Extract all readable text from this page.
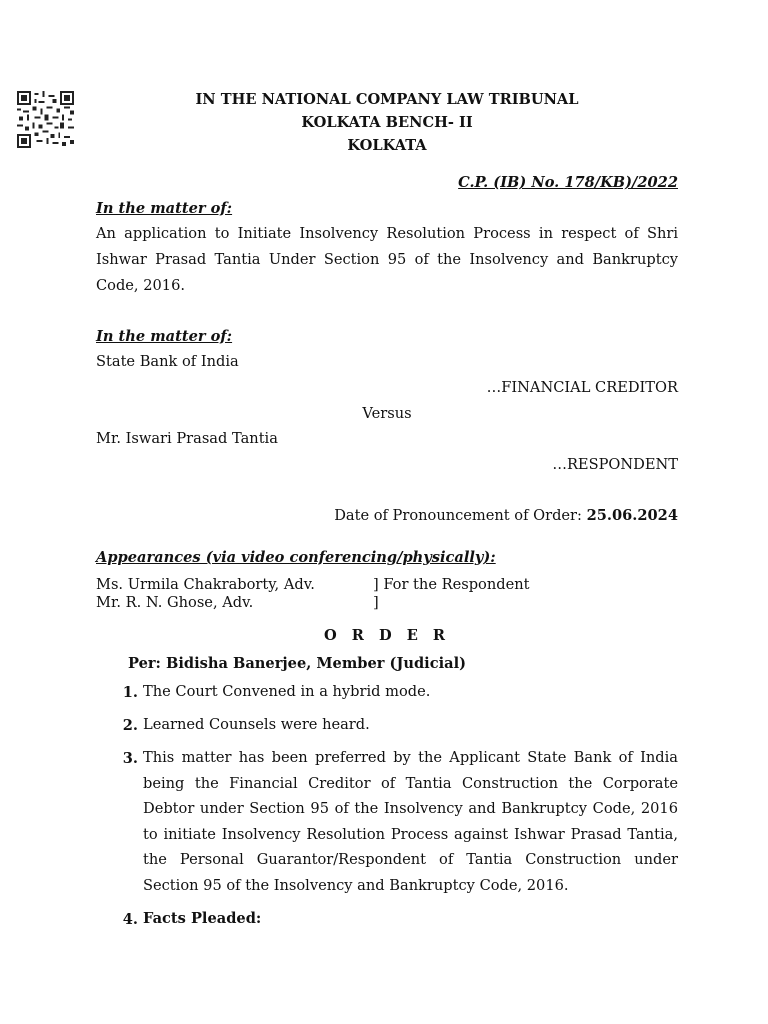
IN THE NATIONAL COMPANY LAW TRIBUNAL
KOLKATA BENCH- II
KOLKATA
C.P. (IB) No. 178/KB)/2022
In the matter of:
An application to Initiate Insolvency Resolution Process in respect of Shri Ishwar Prasad Tantia Under Section 95 of the Insolvency and Bankruptcy Code, 2016.
In the matter of:
State Bank of India
…FINANCIAL CREDITOR
Versus
Mr. Iswari Prasad Tantia
…RESPONDENT
Date of Pronouncement of Order: 25.06.2024
Appearances (via video conferencing/physically):
Ms. Urmila Chakraborty, Adv.	] For the Respondent
Mr. R. N. Ghose, Adv.	]
O R D E R
Per: Bidisha Banerjee, Member (Judicial)
1. The Court Convened in a hybrid mode.
2. Learned Counsels were heard.
3. This matter has been preferred by the Applicant State Bank of India being the Financial Creditor of Tantia Construction the Corporate Debtor under Section 95 of the Insolvency and Bankruptcy Code, 2016 to initiate Insolvency Resolution Process against Ishwar Prasad Tantia, the Personal Guarantor/Respondent of Tantia Construction under Section 95 of the Insolvency and Bankruptcy Code, 2016.
4. Facts Pleaded:
